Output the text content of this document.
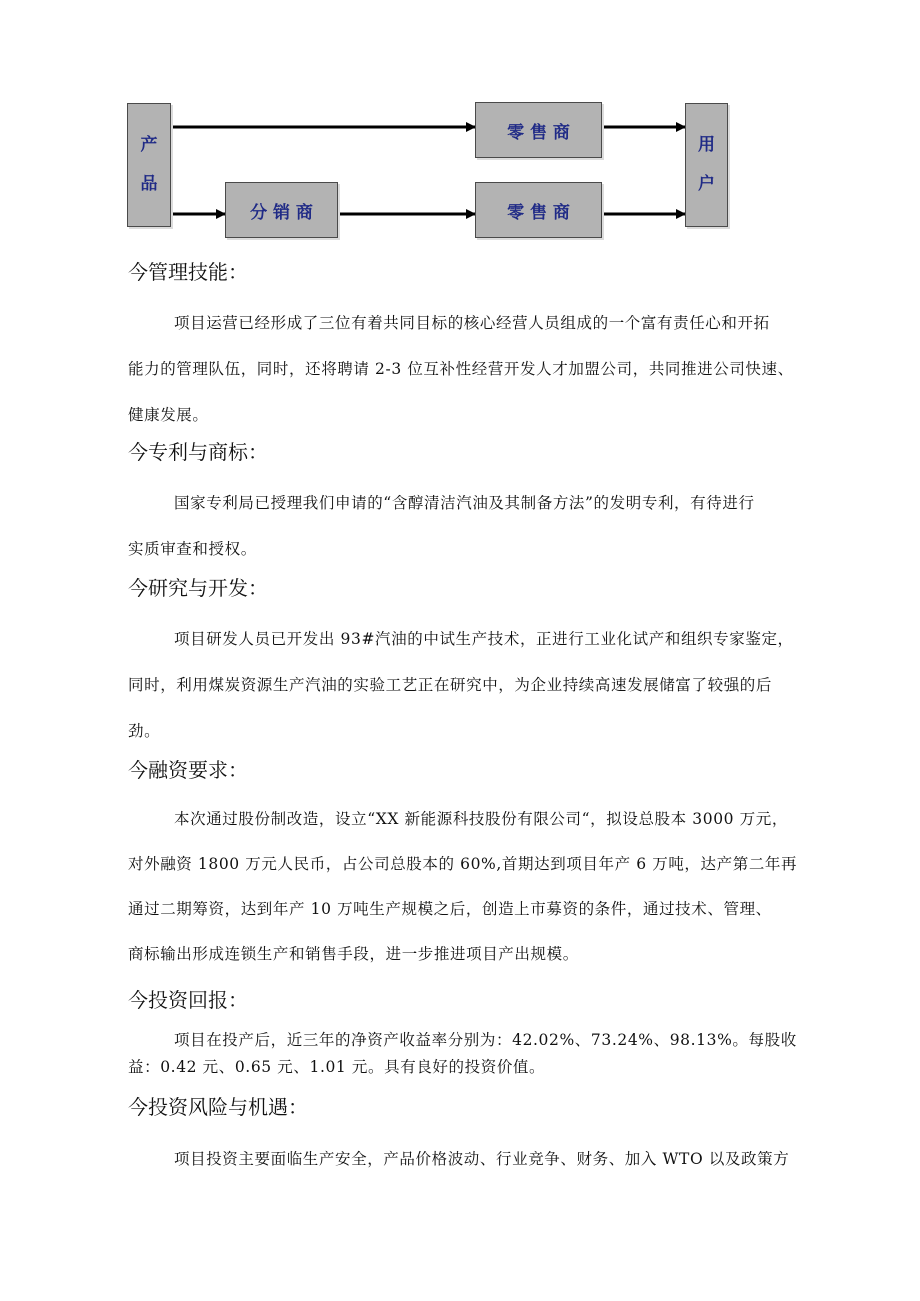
产
品
零 售 商
分 销 商	零 售 商
用
户
今管理技能：
项目运营已经形成了三位有着共同目标的核心经营人员组成的一个富有责任心和开拓
能力的管理队伍，同时，还将聘请 2-3 位互补性经营开发人才加盟公司，共同推进公司快速、
健康发展。
今专利与商标：
国家专利局已授理我们申请的“含醇清洁汽油及其制备方法”的发明专利，有待进行
实质审查和授权。
今研究与开发：
项目研发人员已开发出 93#汽油的中试生产技术，正进行工业化试产和组织专家鉴定，
同时，利用煤炭资源生产汽油的实验工艺正在研究中，为企业持续高速发展储富了较强的后
劲。
今融资要求：
本次通过股份制改造，设立“XX 新能源科技股份有限公司“，拟设总股本 3000 万元，
对外融资 1800 万元人民币，占公司总股本的 60%,首期达到项目年产 6 万吨，达产第二年再
通过二期筹资，达到年产 10 万吨生产规模之后，创造上市募资的条件，通过技术、管理、
商标输出形成连锁生产和销售手段，进一步推进项目产出规模。
今投资回报：
项目在投产后，近三年的净资产收益率分别为：42.02%、73.24%、98.13%。每股收
益：0.42 元、0.65 元、1.01 元。具有良好的投资价值。
今投资风险与机遇：
项目投资主要面临生产安全，产品价格波动、行业竞争、财务、加入 WTO 以及政策方
